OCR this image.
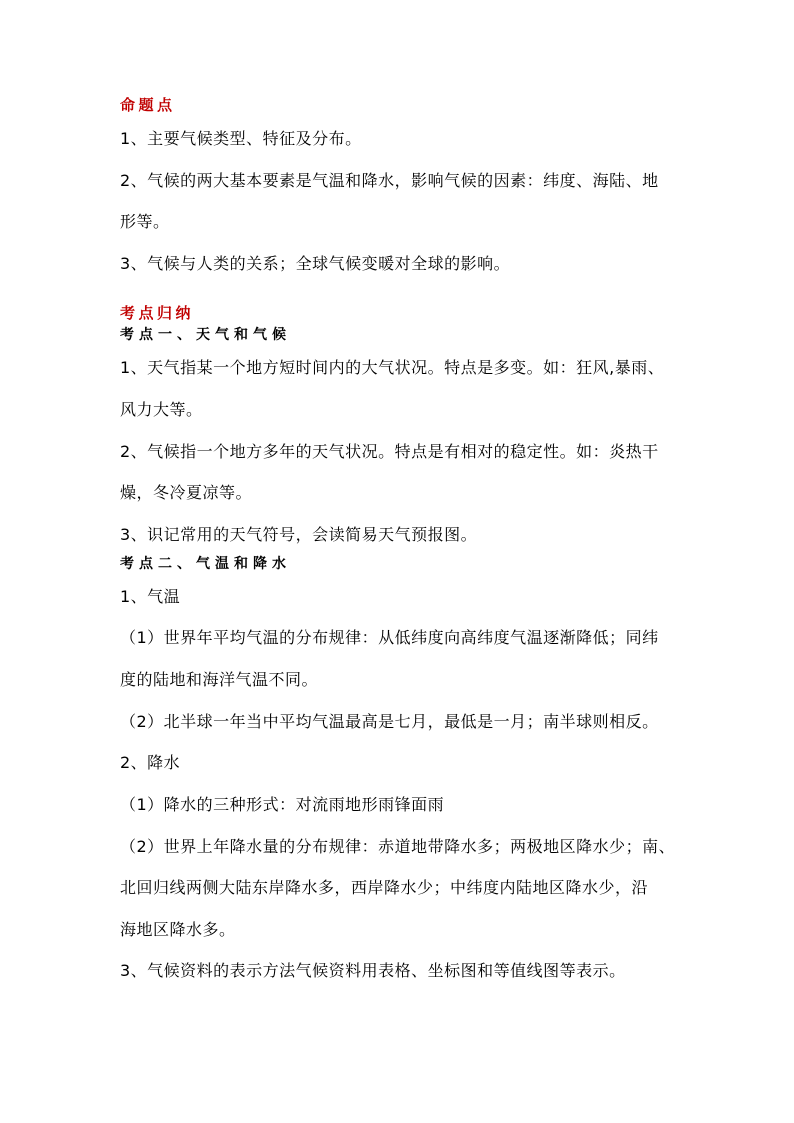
命题点
1、主要气候类型、特征及分布。
2、气候的两大基本要素是气温和降水，影响气候的因素：纬度、海陆、地
形等。
3、气候与人类的关系；全球气候变暖对全球的影响。
考点归纳
考点一、天气和气候
1、天气指某一个地方短时间内的大气状况。特点是多变。如：狂风,暴雨、
风力大等。
2、气候指一个地方多年的天气状况。特点是有相对的稳定性。如：炎热干
燥，冬冷夏凉等。
3、识记常用的天气符号，会读简易天气预报图。
考点二、气温和降水
1、气温
（1）世界年平均气温的分布规律：从低纬度向高纬度气温逐渐降低；同纬
度的陆地和海洋气温不同。
（2）北半球一年当中平均气温最高是七月，最低是一月；南半球则相反。
2、降水
（1）降水的三种形式：对流雨地形雨锋面雨
（2）世界上年降水量的分布规律：赤道地带降水多；两极地区降水少；南、
北回归线两侧大陆东岸降水多，西岸降水少；中纬度内陆地区降水少，沿
海地区降水多。
3、气候资料的表示方法气候资料用表格、坐标图和等值线图等表示。
